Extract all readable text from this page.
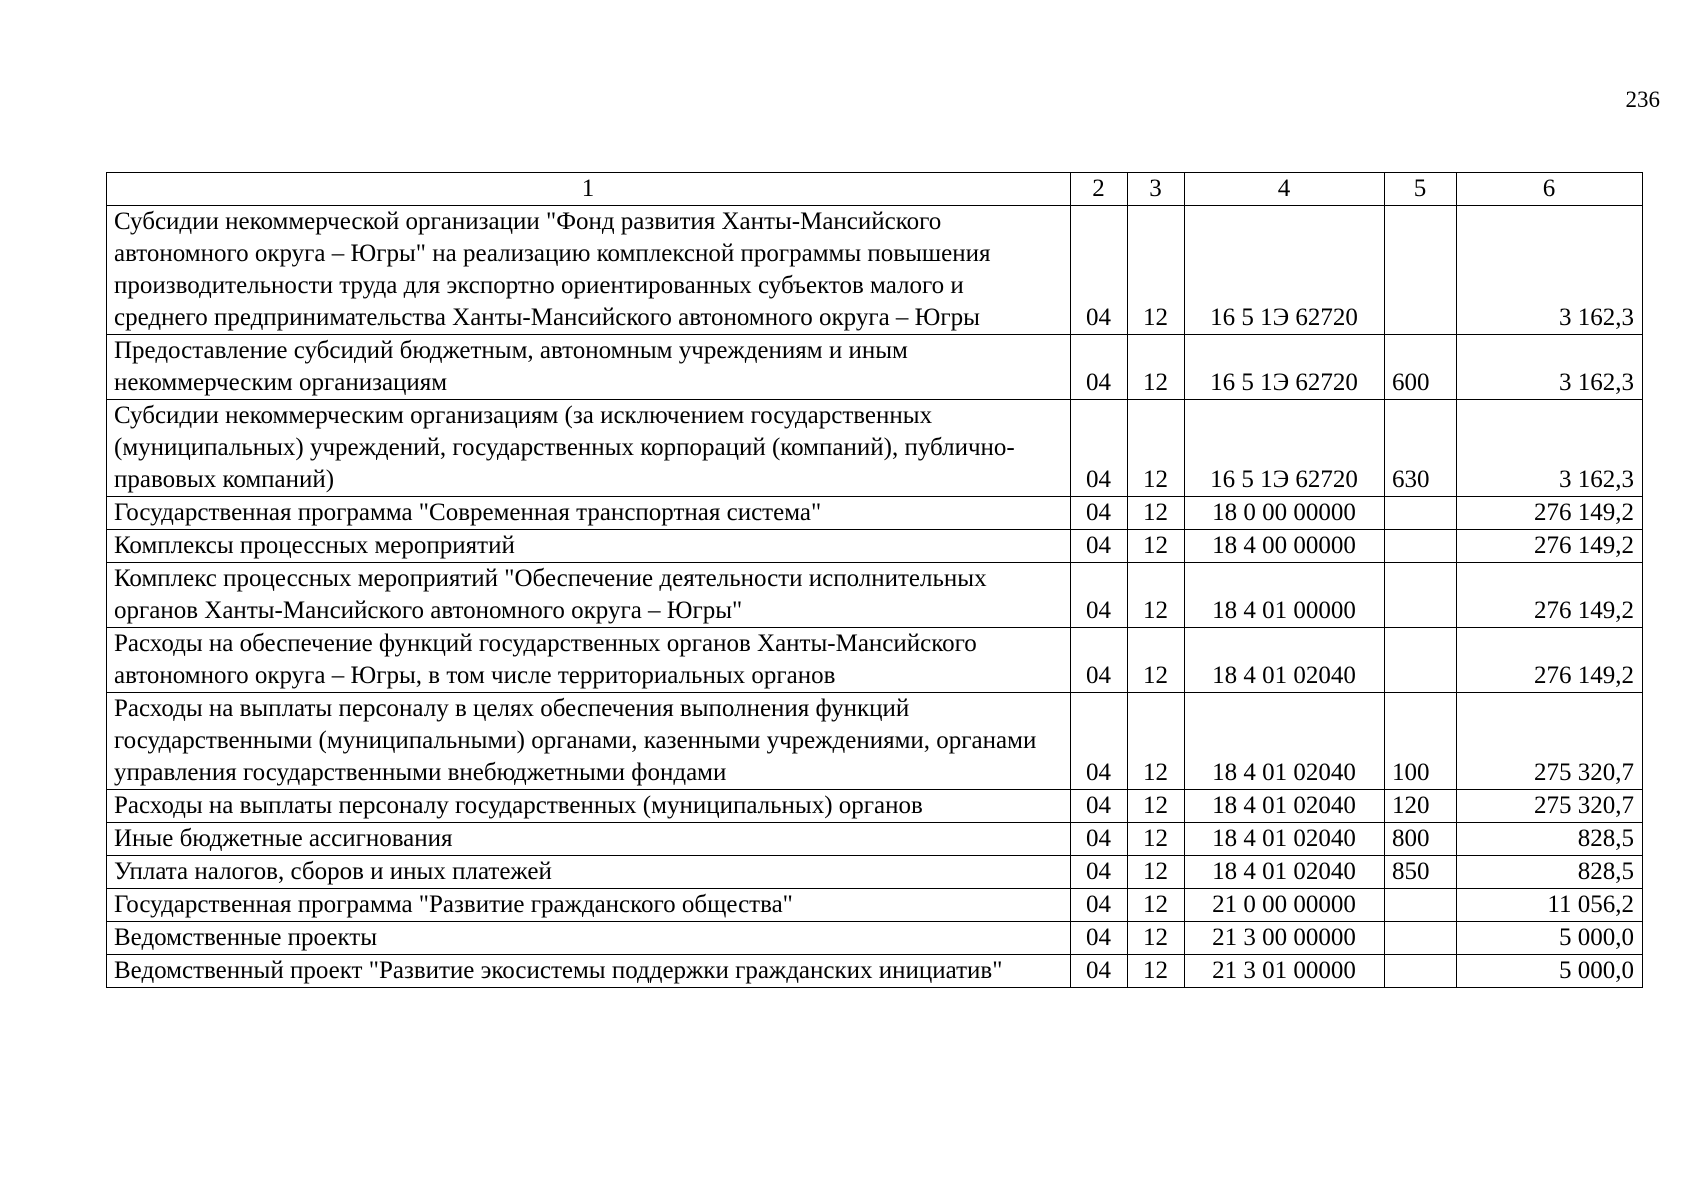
236
1	2	3	4	5	6
Субсидии некоммерческой организации "Фонд развития Ханты-Мансийского автономного округа – Югры" на реализацию комплексной программы повышения производительности труда для экспортно ориентированных субъектов малого и среднего предпринимательства Ханты-Мансийского автономного округа – Югры	04	12	16 5 1Э 62720		3 162,3
Предоставление субсидий бюджетным, автономным учреждениям и иным некоммерческим организациям	04	12	16 5 1Э 62720	600	3 162,3
Субсидии некоммерческим организациям (за исключением государственных (муниципальных) учреждений, государственных корпораций (компаний), публично-правовых компаний)	04	12	16 5 1Э 62720	630	3 162,3
Государственная программа "Современная транспортная система"	04	12	18 0 00 00000		276 149,2
Комплексы процессных мероприятий	04	12	18 4 00 00000		276 149,2
Комплекс процессных мероприятий "Обеспечение деятельности исполнительных органов Ханты-Мансийского автономного округа – Югры"	04	12	18 4 01 00000		276 149,2
Расходы на обеспечение функций государственных органов Ханты-Мансийского автономного округа – Югры, в том числе территориальных органов	04	12	18 4 01 02040		276 149,2
Расходы на выплаты персоналу в целях обеспечения выполнения функций государственными (муниципальными) органами, казенными учреждениями, органами управления государственными внебюджетными фондами	04	12	18 4 01 02040	100	275 320,7
Расходы на выплаты персоналу государственных (муниципальных) органов	04	12	18 4 01 02040	120	275 320,7
Иные бюджетные ассигнования	04	12	18 4 01 02040	800	828,5
Уплата налогов, сборов и иных платежей	04	12	18 4 01 02040	850	828,5
Государственная программа "Развитие гражданского общества"	04	12	21 0 00 00000		11 056,2
Ведомственные проекты	04	12	21 3 00 00000		5 000,0
Ведомственный проект "Развитие экосистемы поддержки гражданских инициатив"	04	12	21 3 01 00000		5 000,0
